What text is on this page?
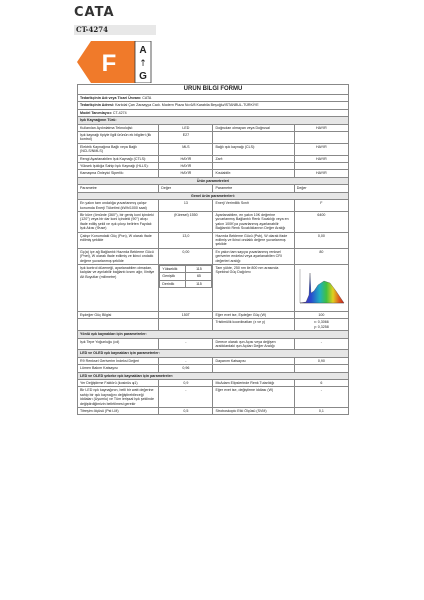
CATA
CT-4274
F A
↑
G
ÜRÜN BİLGİ FORMU
Tedarikçinin Adı veya Ticari Ünvanı: CATA
Tedarikçinin Adresi: Karlıdal Çarı Zaraayya Cadı. Modern Plaza No:6/8 Karabila Beşoğlu/ISTANBUL-TÜRKİYE
Model Tanımlayıcı: CT-4274
Işık Kaynağının Türü:
Kullanılan Aydınlatma Teknolojisi:	LED	Doğrudan olmayan veya Doğrusal	HAYIR
Işık kaynağı tipiyle ilgili ürünün ek bilgileri (ilk kontrol)	E27		
Elektrik Kaynağına Bağlı veya Bağlı (NCLS/NMLS)	MLS	Bağlı ışık kaynağı (CLS):	HAYIR
Rengi Ayarlanabilen Işık Kaynağı (CTLS):	HAYIR	Zarf:	HAYIR
Yüksek Işıklığa Sahip Işık Kaynağı (HLLS):	HAYIR		
Kamaşma Önleyici Siperlik:	HAYIR	Kısılabilir:	HAYIR
Ürün parametreleri
Parametre	Değer	Parametre	Değer
Genel ürün parametreleri:
En yakın tam ondalığa yuvarlanmış çalışır konumda Enerji Tüketimi (kWh/1000 saat)	13	Enerji Verimlilik Sınıfı	F
Bir küre (ömürde (360°), bir geniş koni içindeki (120°) veya bir dar koni içindeki (90°) akışı ifade ediliş şekli ve ışık çıkışı belirten Faydalı Işık Akısı (Φuse)	(Küresel) 1550	Ayarlanabilen, en yakın 10K değerine yuvarlanmış Bağlantılı Renk Sıcaklığı veya en yakın 100K'ya yuvarlanmış ayarlanabilir Bağlantılı Renk Sıcaklıklarının Değer Aralığı	6400
Çalışır Konumdaki Güç (Pon), W olarak ifade edilmiş şekilde	13,0	Hazırda Bekleme Gücü (Psb), W olarak ifade edilmiş ve ikinci ondalık değere yuvarlanmış şekilde	0,00
Gç(a) içe ağ Bağlantılı Hazırda Bekleme Gücü (Pnet), W olarak ifade edilmiş ve ikinci ondalık değere yuvarlanmış şekilde	0,00	En yakın tam sayıya yuvarlanmış renksel geriverim endeksi veya ayarlanabilen CRI değerleri aralığı	80
Işık kontrol düzeneği, ayarlanabilen olmadan, kalıplar ve ayrılabilir bağlantı kısmı ağır, İlintiye Ait Boyutlar (milimetre)	
Yükseklik	115
Genişlik	65
Derinlik	115
	Tam yükte, 250 nm ile 800 nm arasında Spektral Güç Dağılımı	

Eşdeğer Güç Bilgisi	150T	Eğer evet ise, Eşdeğer Güç (W)	100
		Tristimülik koordinatları (x ve y)	x: 0,3066
y: 0,3258
Yönlü ışık kaynakları için parametreler:
Işık Tepe Yoğunluğu (cd)	-	Derece olarak ışın Açısı veya değişen aralıklardaki ışın Açıları Değer Aralığı	-
LED ve OLED ışık kaynakları için parametreler:
R9 Renksel Geriverim İndeksi Değeri	-	Dayanım Katsayısı	0,90
Lümen Bakım Katsayısı	0,96		
LED ve OLED şebeke ışık kaynakları için parametreler:
Yer Değiştirme Faktörü (kosinüs φ1)	0,9	McAdam Elipslerinde Renk Tutarlılığı	6
Bir LED ışık kaynağının, belli bir watt değerine sahip bir ışık kaynağını değiştirebileceği iddiaları (Uyumlu) ve Tüm lerişsal Işık şeklinde değiştirdiğimizin belirtilmesi gerekir	-	Eğer evet ise, değiştirme iddiası (W)	-
Titreşim ölçüsü (Pst LM)	0,5	Stroboskopic Etki Ölçüsü (SVM)	0,1
